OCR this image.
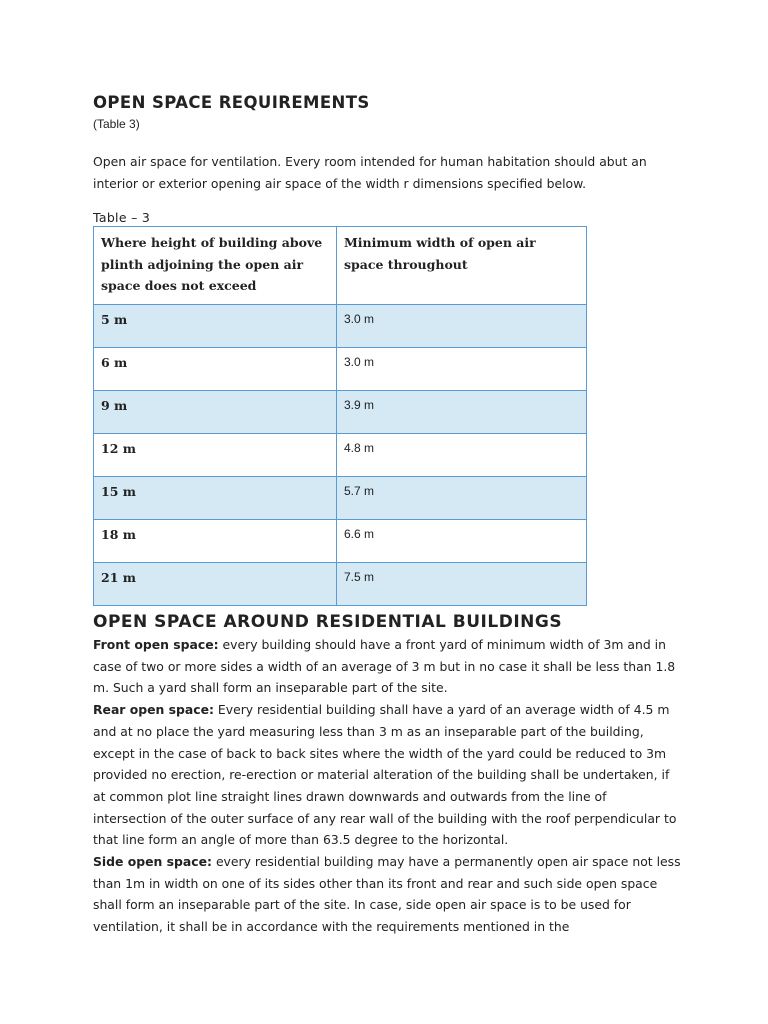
OPEN SPACE REQUIREMENTS
(Table 3)

Open air space for ventilation. Every room intended for human habitation should abut an interior or exterior opening air space of the width r dimensions specified below.

Table – 3
Where height of building above plinth adjoining the open air space does not exceed	Minimum width of open air space throughout
5 m	3.0 m
6 m	3.0 m
9 m	3.9 m
12 m	4.8 m
15 m	5.7 m
18 m	6.6 m
21 m	7.5 m
OPEN SPACE AROUND RESIDENTIAL BUILDINGS

Front open space: every building should have a front yard of minimum width of 3m and in case of two or more sides a width of an average of 3 m but in no case it shall be less than 1.8 m. Such a yard shall form an inseparable part of the site.

Rear open space: Every residential building shall have a yard of an average width of 4.5 m and at no place the yard measuring less than 3 m as an inseparable part of the building, except in the case of back to back sites where the width of the yard could be reduced to 3m provided no erection, re-erection or material alteration of the building shall be undertaken, if at common plot line straight lines drawn downwards and outwards from the line of intersection of the outer surface of any rear wall of the building with the roof perpendicular to that line form an angle of more than 63.5 degree to the horizontal.

Side open space: every residential building may have a permanently open air space not less than 1m in width on one of its sides other than its front and rear and such side open space shall form an inseparable part of the site. In case, side open air space is to be used for ventilation, it shall be in accordance with the requirements mentioned in the
